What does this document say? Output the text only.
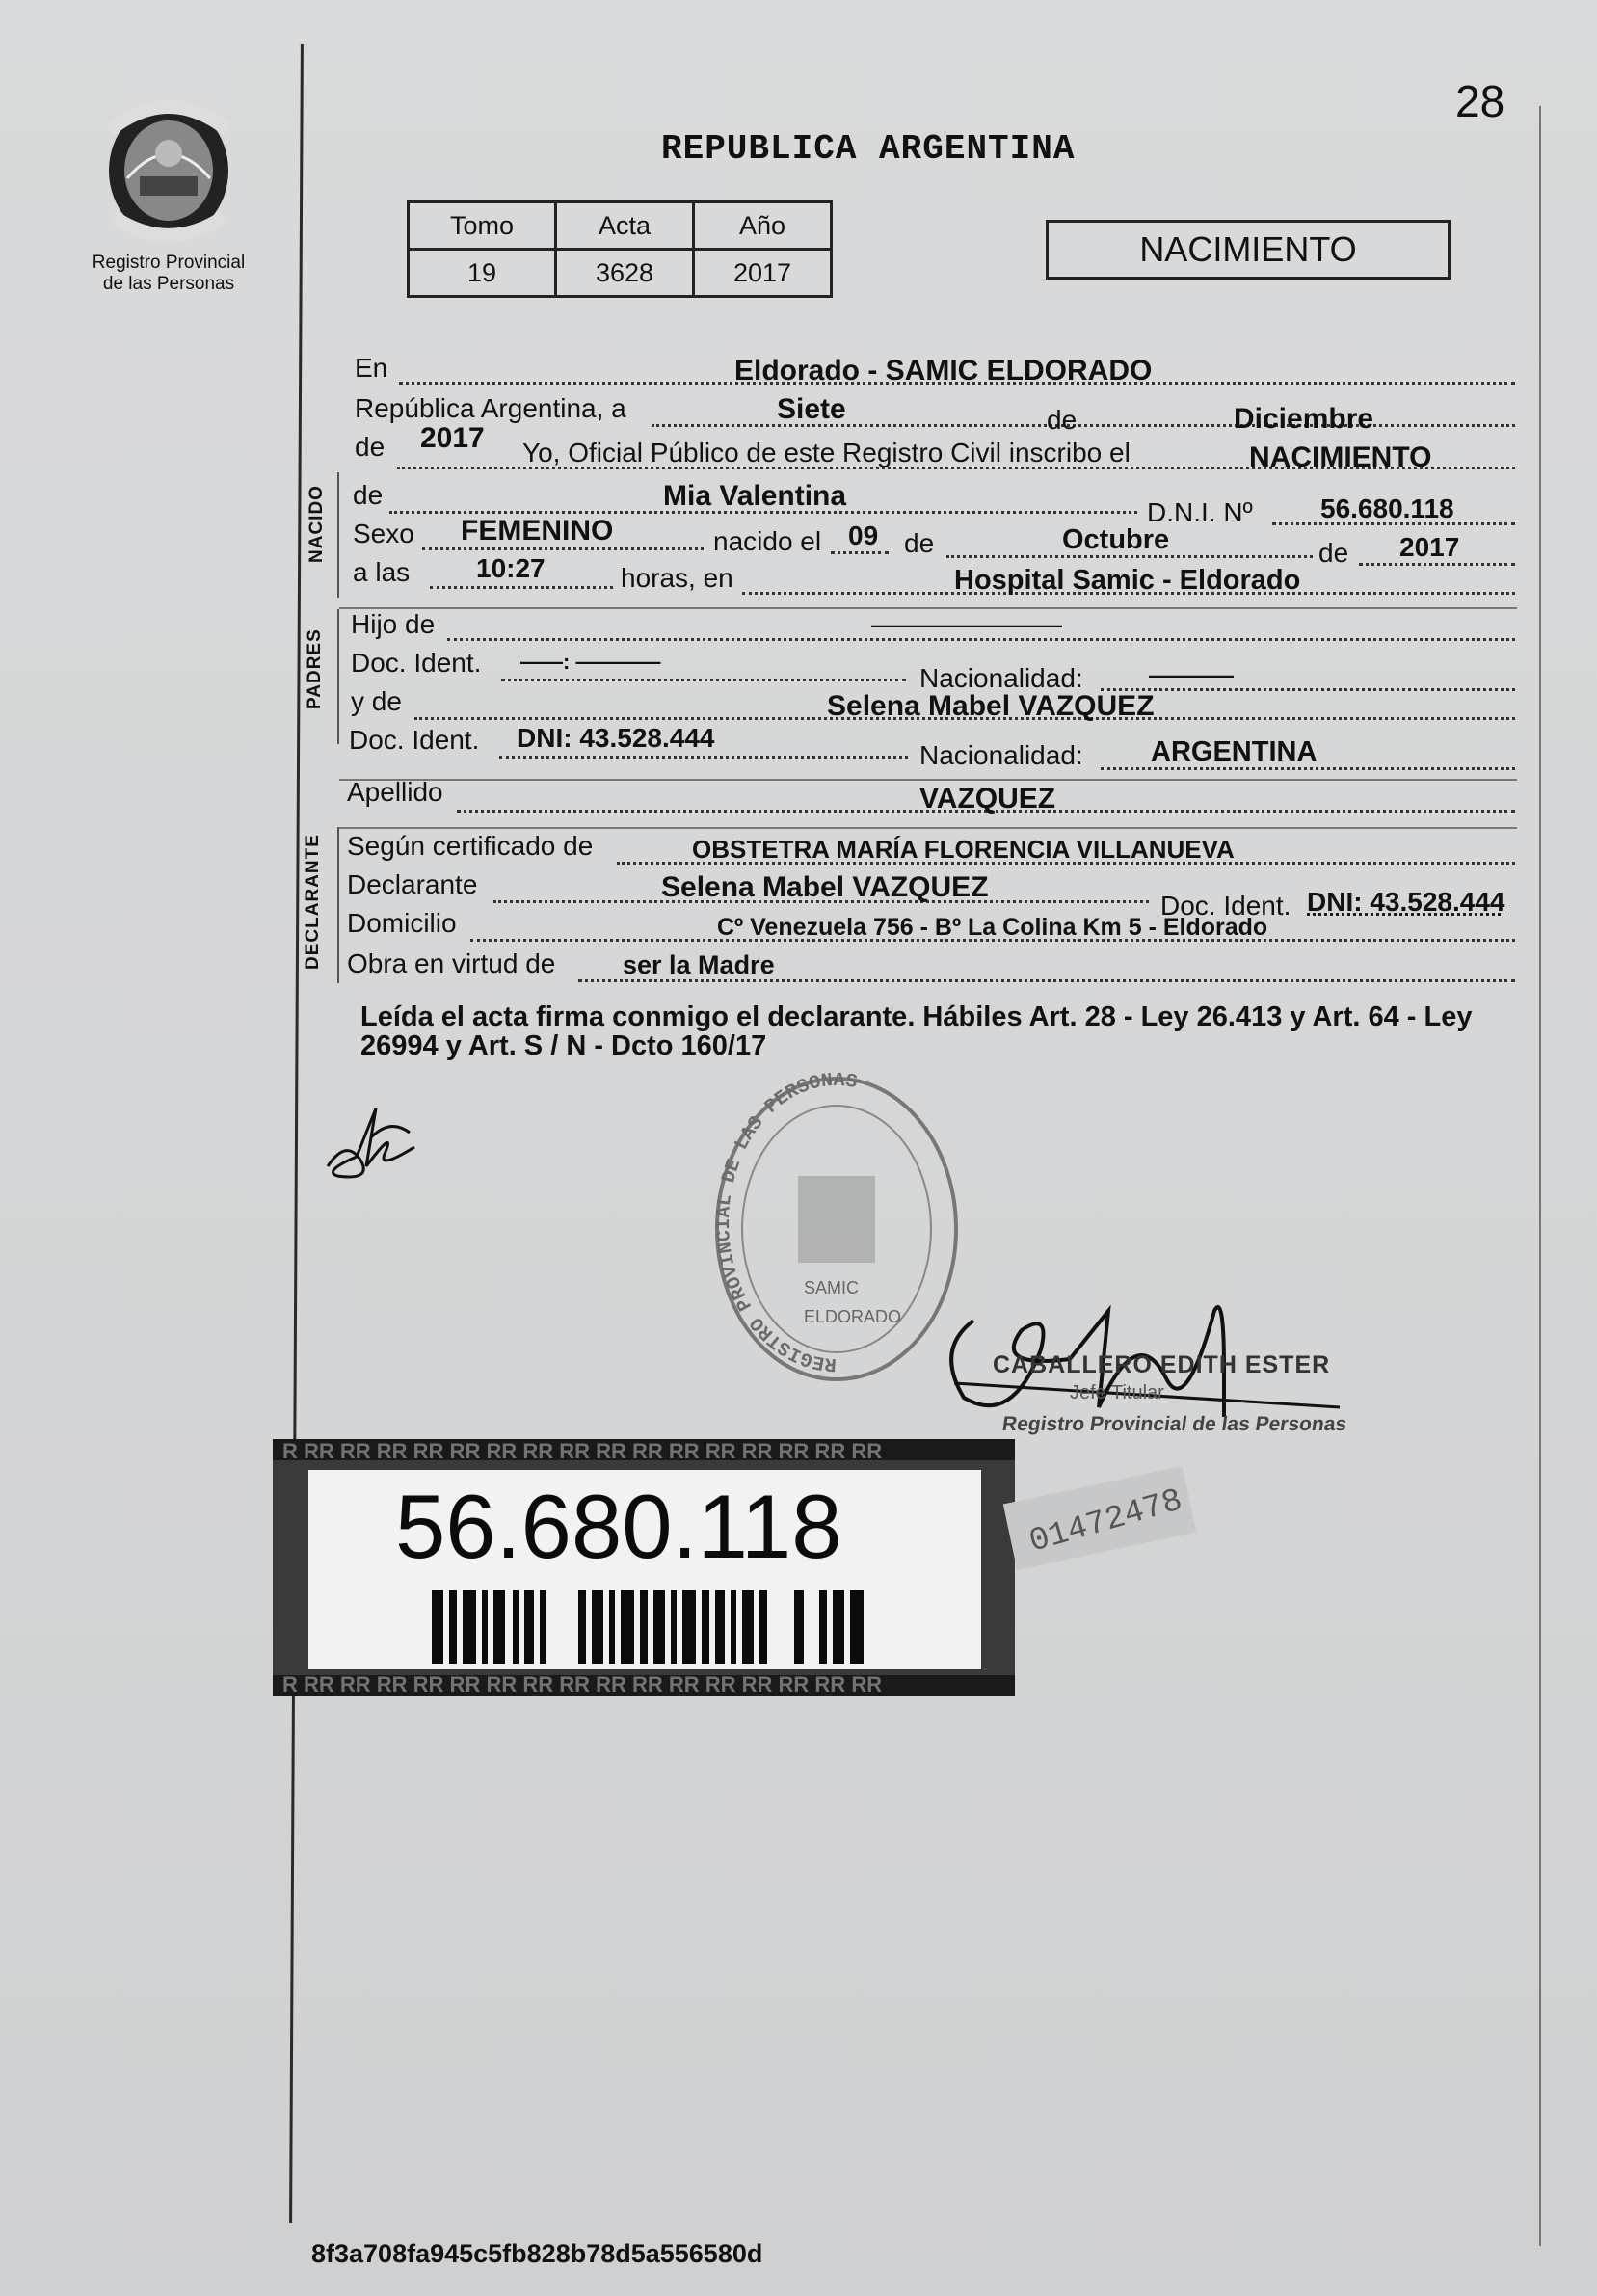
Registro Provincial
de las Personas
28
REPUBLICA ARGENTINA
Tomo	Acta	Año
19	3628	2017
NACIMIENTO
En	Eldorado - SAMIC ELDORADO
República Argentina, a	Siete	de	Diciembre
de 2017 Yo, Oficial Público de este Registro Civil inscribo el	NACIMIENTO
NACIDO de	Mia Valentina
D.N.I. Nº	56.680.118
Sexo FEMENINO	nacido el 09 de	Octubre	de 2017
a las 10:27	horas, en	Hospital Samic - Eldorado
PADRES
Hijo de	—————————
Doc. Ident. ——: ————
Nacionalidad:	————
y de	Selena Mabel VAZQUEZ
Doc. Ident. DNI: 43.528.444
Nacionalidad: ARGENTINA
Apellido	VAZQUEZ
DECLARANTE Según certificado de	OBSTETRA MARÍA FLORENCIA VILLANUEVA
Declarante	Selena Mabel VAZQUEZ
Doc. Ident. DNI: 43.528.444
Domicilio	Cº Venezuela 756 - Bº La Colina Km 5 - Eldorado
Obra en virtud de	ser la Madre
Leída el acta firma conmigo el declarante. Hábiles Art. 28 - Ley 26.413 y Art. 64 - Ley 26994 y Art. S / N - Dcto 160/17
REGISTRO PROVINCIAL DE LAS PERSONAS
SAMIC
ELDORADO
CABALLERO EDITH ESTER
Jefe Titular
Registro Provincial de las Personas
R RR RR RR RR RR RR RR RR RR RR RR RR RR RR RR RR
R RR RR RR RR RR RR RR RR RR RR RR RR RR RR RR RR
56.680.118	01472478
8f3a708fa945c5fb828b78d5a556580d
